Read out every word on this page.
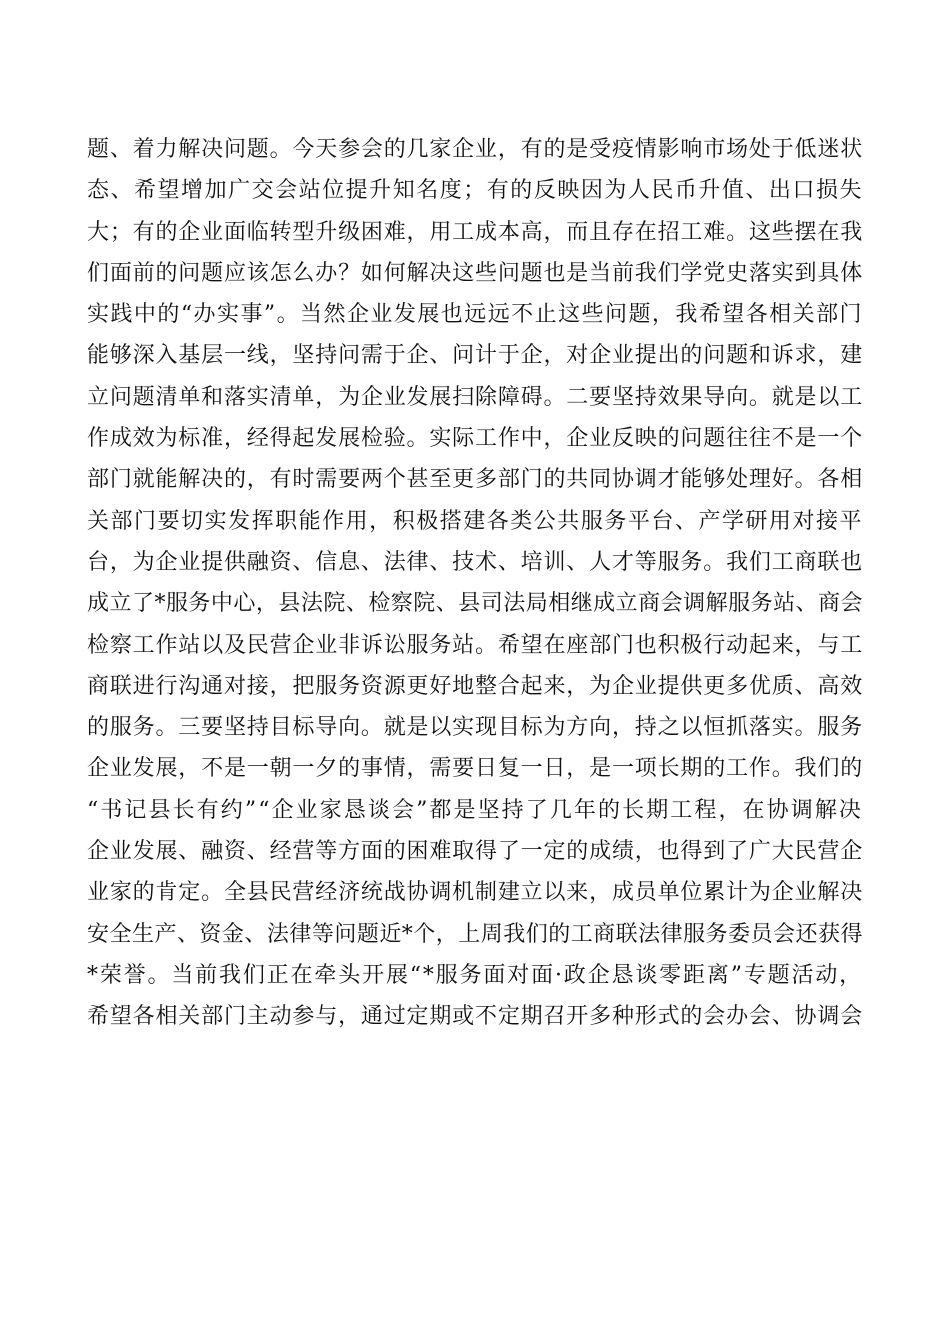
题、着力解决问题。今天参会的几家企业，有的是受疫情影响市场处于低迷状
态、希望增加广交会站位提升知名度；有的反映因为人民币升值、出口损失
大；有的企业面临转型升级困难，用工成本高，而且存在招工难。这些摆在我
们面前的问题应该怎么办？如何解决这些问题也是当前我们学党史落实到具体
实践中的“办实事”。当然企业发展也远远不止这些问题，我希望各相关部门
能够深入基层一线，坚持问需于企、问计于企，对企业提出的问题和诉求，建
立问题清单和落实清单，为企业发展扫除障碍。二要坚持效果导向。就是以工
作成效为标准，经得起发展检验。实际工作中，企业反映的问题往往不是一个
部门就能解决的，有时需要两个甚至更多部门的共同协调才能够处理好。各相
关部门要切实发挥职能作用，积极搭建各类公共服务平台、产学研用对接平
台，为企业提供融资、信息、法律、技术、培训、人才等服务。我们工商联也
成立了*服务中心，县法院、检察院、县司法局相继成立商会调解服务站、商会
检察工作站以及民营企业非诉讼服务站。希望在座部门也积极行动起来，与工
商联进行沟通对接，把服务资源更好地整合起来，为企业提供更多优质、高效
的服务。三要坚持目标导向。就是以实现目标为方向，持之以恒抓落实。服务
企业发展，不是一朝一夕的事情，需要日复一日，是一项长期的工作。我们的
“书记县长有约”“企业家恳谈会”都是坚持了几年的长期工程，在协调解决
企业发展、融资、经营等方面的困难取得了一定的成绩，也得到了广大民营企
业家的肯定。全县民营经济统战协调机制建立以来，成员单位累计为企业解决
安全生产、资金、法律等问题近*个，上周我们的工商联法律服务委员会还获得
*荣誉。当前我们正在牵头开展“*服务面对面·政企恳谈零距离”专题活动，
希望各相关部门主动参与，通过定期或不定期召开多种形式的会办会、协调会
